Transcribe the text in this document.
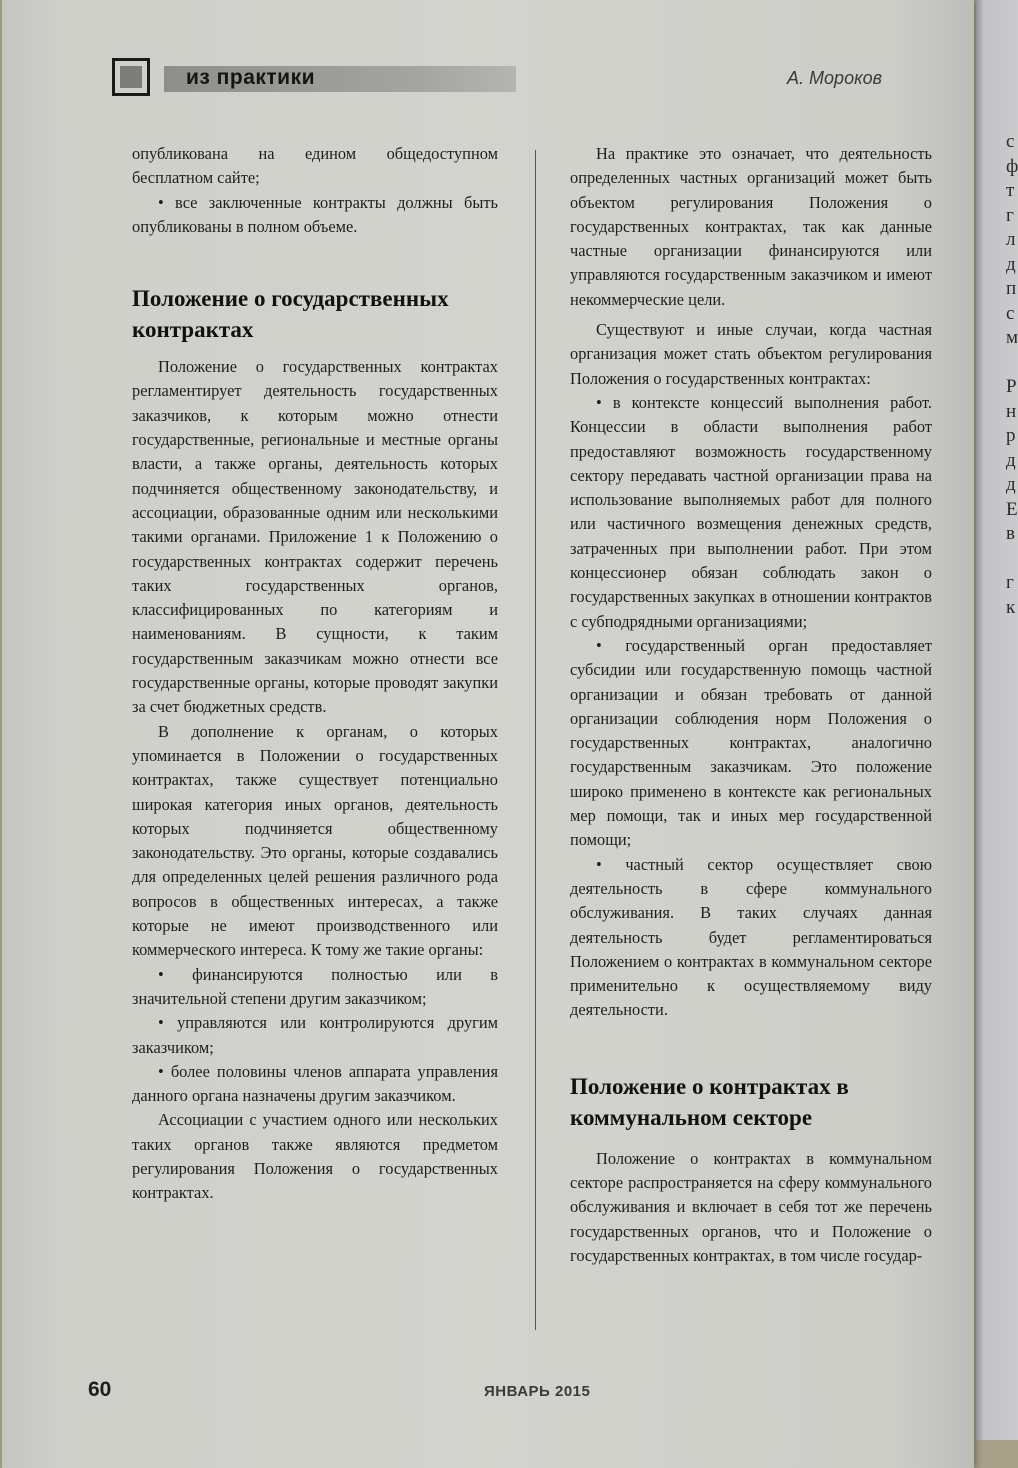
из практики	А. Мороков

опубликована на едином общедоступном бесплатном сайте;

• все заключенные контракты должны быть опубликованы в полном объеме.

Положение о государственных контрактах

Положение о государственных контрактах регламентирует деятельность государственных заказчиков, к которым можно отнести государственные, региональные и местные органы власти, а также органы, деятельность которых подчиняется общественному законодательству, и ассоциации, образованные одним или несколькими такими органами. Приложение 1 к Положению о государственных контрактах содержит перечень таких государственных органов, классифицированных по категориям и наименованиям. В сущности, к таким государственным заказчикам можно отнести все государственные органы, которые проводят закупки за счет бюджетных средств.

В дополнение к органам, о которых упоминается в Положении о государственных контрактах, также существует потенциально широкая категория иных органов, деятельность которых подчиняется общественному законодательству. Это органы, которые создавались для определенных целей решения различного рода вопросов в общественных интересах, а также которые не имеют производственного или коммерческого интереса. К тому же такие органы:

• финансируются полностью или в значительной степени другим заказчиком;

• управляются или контролируются другим заказчиком;

• более половины членов аппарата управления данного органа назначены другим заказчиком.

Ассоциации с участием одного или нескольких таких органов также являются предметом регулирования Положения о государственных контрактах.

На практике это означает, что деятельность определенных частных организаций может быть объектом регулирования Положения о государственных контрактах, так как данные частные организации финансируются или управляются государственным заказчиком и имеют некоммерческие цели.

Существуют и иные случаи, когда частная организация может стать объектом регулирования Положения о государственных контрактах:

• в контексте концессий выполнения работ. Концессии в области выполнения работ предоставляют возможность государственному сектору передавать частной организации права на использование выполняемых работ для полного или частичного возмещения денежных средств, затраченных при выполнении работ. При этом концессионер обязан соблюдать закон о государственных закупках в отношении контрактов с субподрядными организациями;

• государственный орган предоставляет субсидии или государственную помощь частной организации и обязан требовать от данной организации соблюдения норм Положения о государственных контрактах, аналогично государственным заказчикам. Это положение широко применено в контексте как региональных мер помощи, так и иных мер государственной помощи;

• частный сектор осуществляет свою деятельность в сфере коммунального обслуживания. В таких случаях данная деятельность будет регламентироваться Положением о контрактах в коммунальном секторе применительно к осуществляемому виду деятельности.

Положение о контрактах в коммунальном секторе

Положение о контрактах в коммунальном секторе распространяется на сферу коммунального обслуживания и включает в себя тот же перечень государственных органов, что и Положение о государственных контрактах, в том числе государ-

60	ЯНВАРЬ 2015
c
ф
т
г
л
д
п
с
м

Р
н
р
д
д
Е
в

г
к
